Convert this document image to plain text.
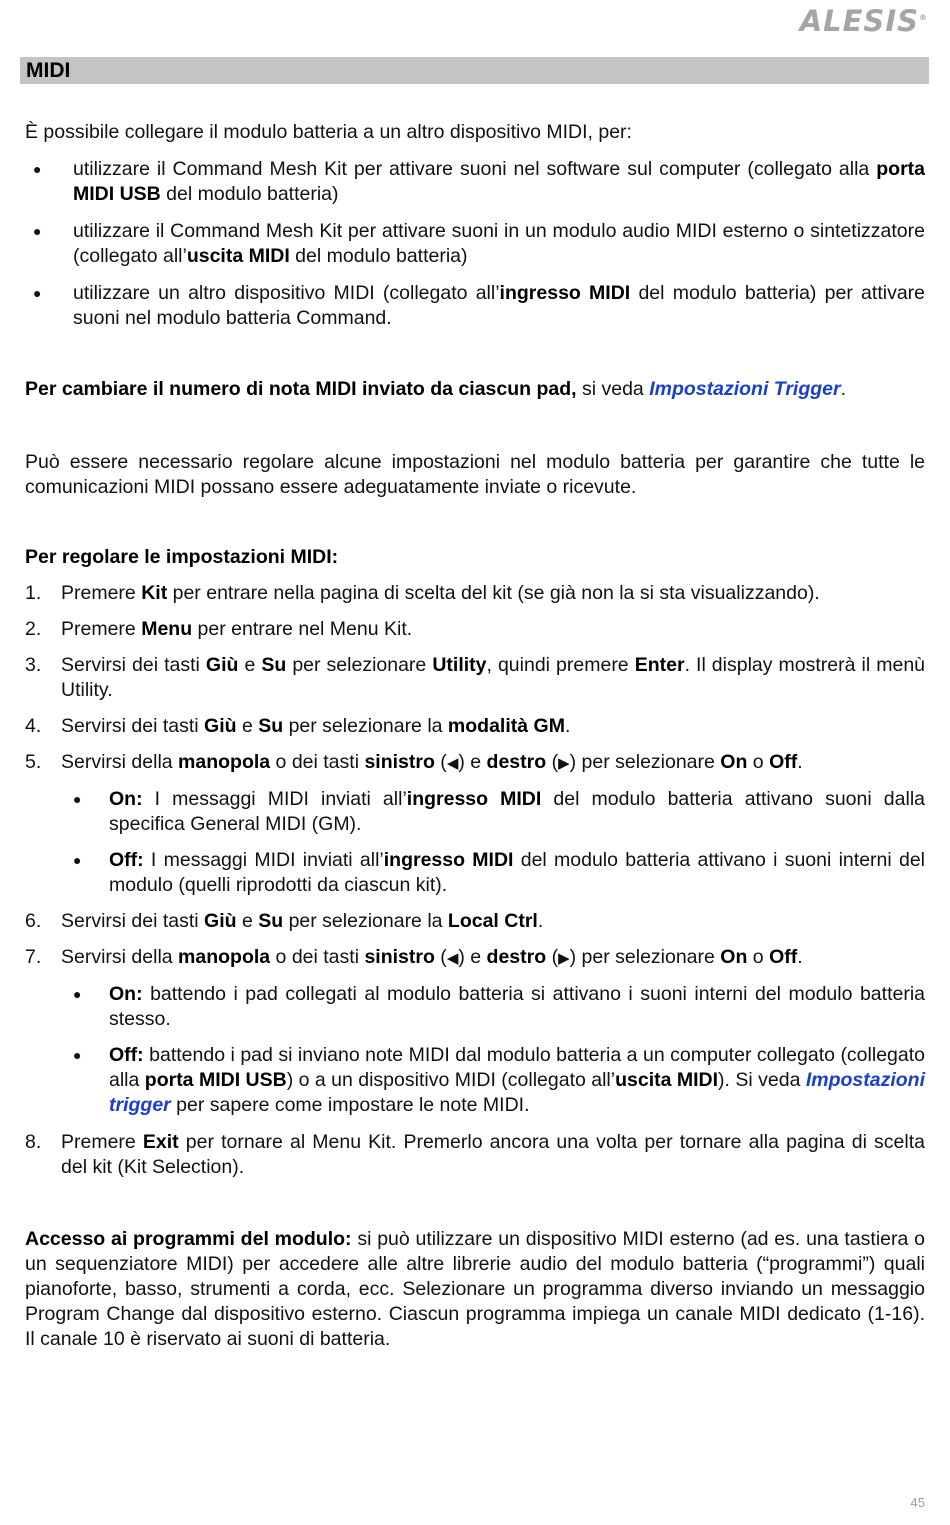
ALESIS®
MIDI

È possibile collegare il modulo batteria a un altro dispositivo MIDI, per:

● utilizzare il Command Mesh Kit per attivare suoni nel software sul computer (collegato alla porta MIDI USB del modulo batteria)
● utilizzare il Command Mesh Kit per attivare suoni in un modulo audio MIDI esterno o sintetizzatore (collegato all’uscita MIDI del modulo batteria)
● utilizzare un altro dispositivo MIDI (collegato all’ingresso MIDI del modulo batteria) per attivare suoni nel modulo batteria Command.

Per cambiare il numero di nota MIDI inviato da ciascun pad, si veda Impostazioni Trigger.

Può essere necessario regolare alcune impostazioni nel modulo batteria per garantire che tutte le comunicazioni MIDI possano essere adeguatamente inviate o ricevute.

Per regolare le impostazioni MIDI:

1. Premere Kit per entrare nella pagina di scelta del kit (se già non la si sta visualizzando).
2. Premere Menu per entrare nel Menu Kit.
3. Servirsi dei tasti Giù e Su per selezionare Utility, quindi premere Enter. Il display mostrerà il menù Utility.
4. Servirsi dei tasti Giù e Su per selezionare la modalità GM.
5. Servirsi della manopola o dei tasti sinistro (◀) e destro (▶) per selezionare On o Off.
● On: I messaggi MIDI inviati all’ingresso MIDI del modulo batteria attivano suoni dalla specifica General MIDI (GM).
● Off: I messaggi MIDI inviati all’ingresso MIDI del modulo batteria attivano i suoni interni del modulo (quelli riprodotti da ciascun kit).
6. Servirsi dei tasti Giù e Su per selezionare la Local Ctrl.
7. Servirsi della manopola o dei tasti sinistro (◀) e destro (▶) per selezionare On o Off.
● On: battendo i pad collegati al modulo batteria si attivano i suoni interni del modulo batteria stesso.
● Off: battendo i pad si inviano note MIDI dal modulo batteria a un computer collegato (collegato alla porta MIDI USB) o a un dispositivo MIDI (collegato all’uscita MIDI). Si veda Impostazioni trigger per sapere come impostare le note MIDI.
8. Premere Exit per tornare al Menu Kit. Premerlo ancora una volta per tornare alla pagina di scelta del kit (Kit Selection).

Accesso ai programmi del modulo: si può utilizzare un dispositivo MIDI esterno (ad es. una tastiera o un sequenziatore MIDI) per accedere alle altre librerie audio del modulo batteria (“programmi”) quali pianoforte, basso, strumenti a corda, ecc. Selezionare un programma diverso inviando un messaggio Program Change dal dispositivo esterno. Ciascun programma impiega un canale MIDI dedicato (1-16). Il canale 10 è riservato ai suoni di batteria.

45
